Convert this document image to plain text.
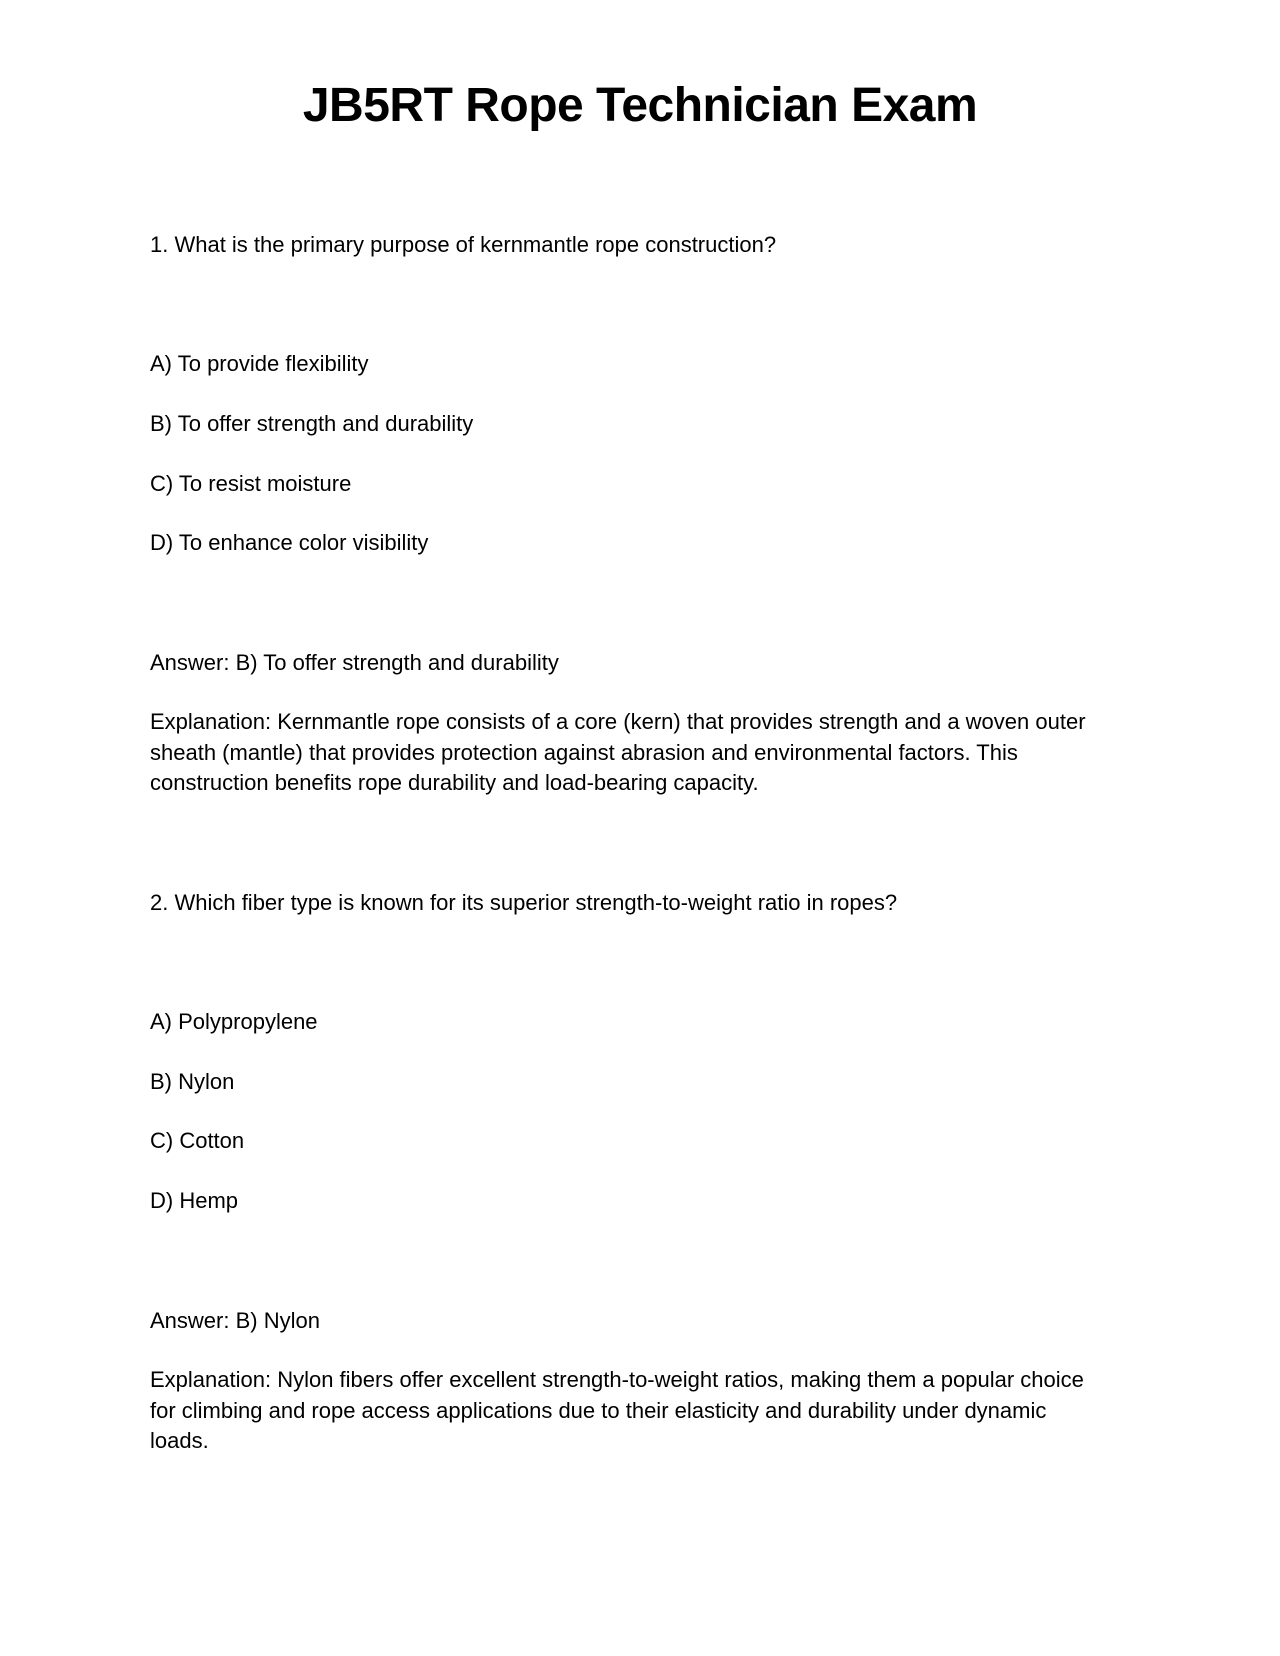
JB5RT Rope Technician Exam
1. What is the primary purpose of kernmantle rope construction?
A) To provide flexibility
B) To offer strength and durability
C) To resist moisture
D) To enhance color visibility
Answer: B) To offer strength and durability
Explanation: Kernmantle rope consists of a core (kern) that provides strength and a woven outer sheath (mantle) that provides protection against abrasion and environmental factors. This construction benefits rope durability and load-bearing capacity.
2. Which fiber type is known for its superior strength-to-weight ratio in ropes?
A) Polypropylene
B) Nylon
C) Cotton
D) Hemp
Answer: B) Nylon
Explanation: Nylon fibers offer excellent strength-to-weight ratios, making them a popular choice for climbing and rope access applications due to their elasticity and durability under dynamic loads.
